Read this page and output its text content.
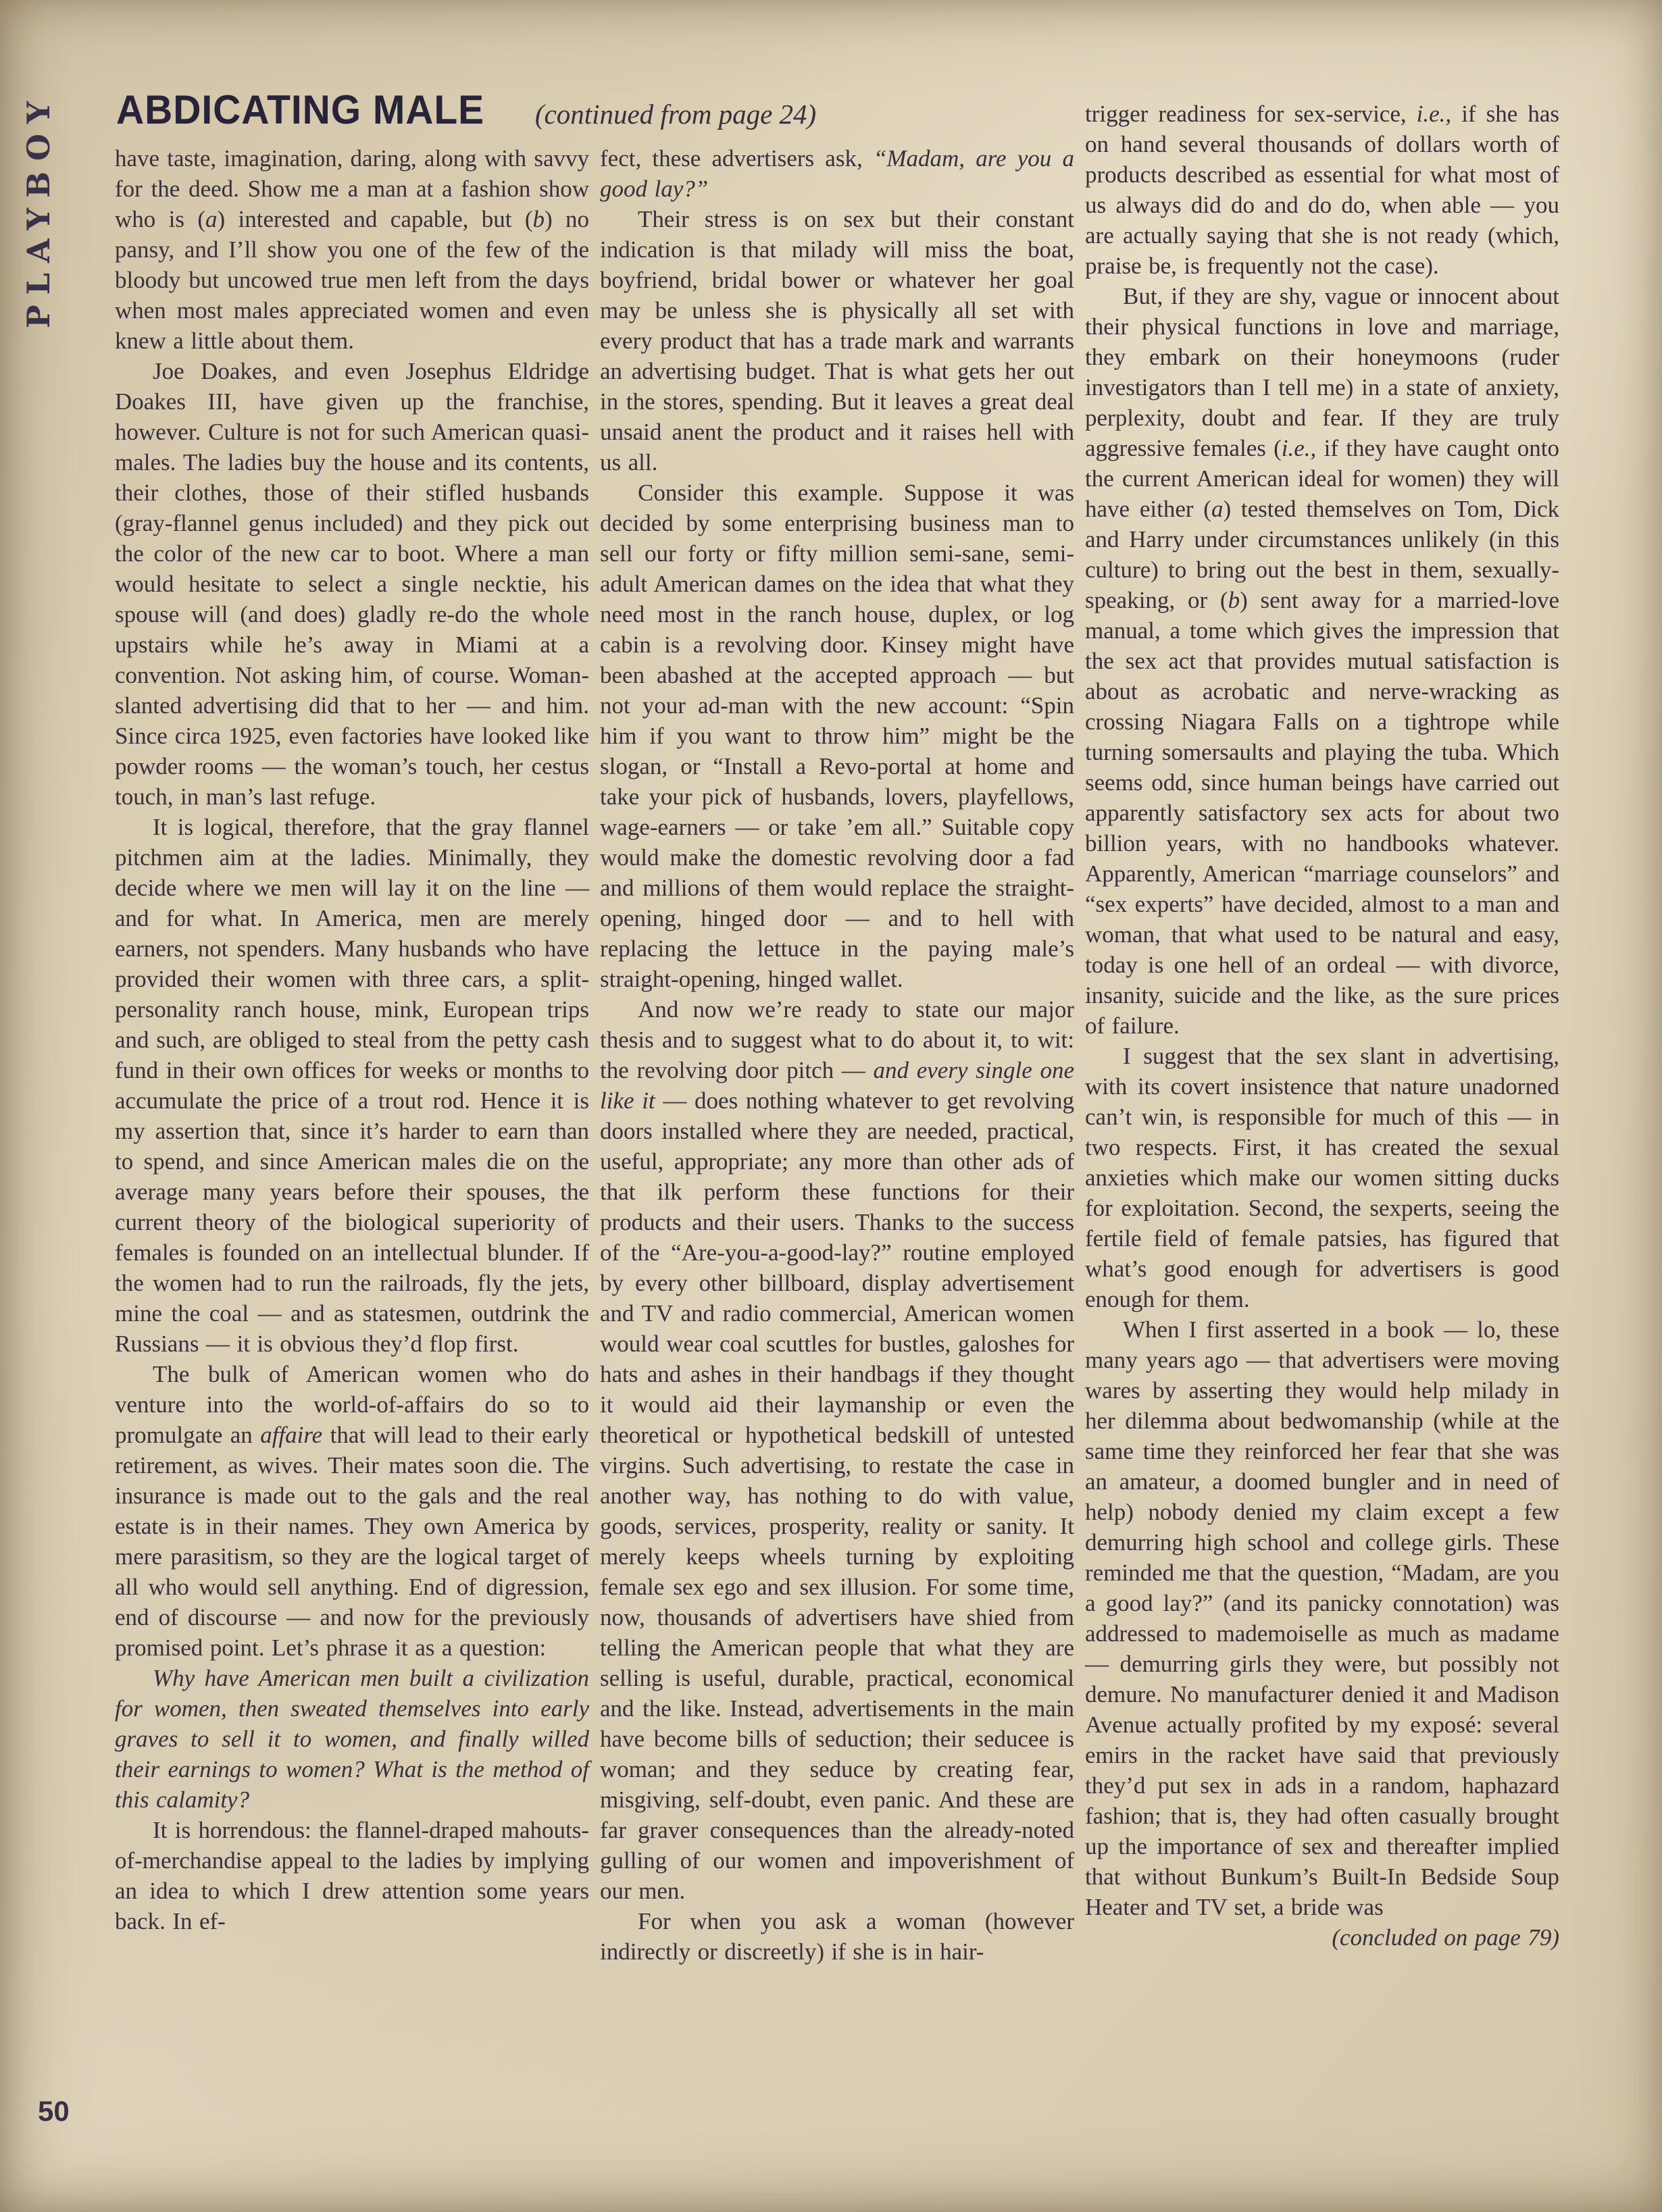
PLAYBOY	ABDICATING MALE (continued from page 24)

have taste, imagination, daring, along with savvy for the deed. Show me a man at a fashion show who is (a) interested and capable, but (b) no pansy, and I’ll show you one of the few of the bloody but uncowed true men left from the days when most males appreciated women and even knew a little about them.

Joe Doakes, and even Josephus Eldridge Doakes III, have given up the franchise, however. Culture is not for such American quasi-males. The ladies buy the house and its contents, their clothes, those of their stifled husbands (gray-flannel genus included) and they pick out the color of the new car to boot. Where a man would hesitate to select a single necktie, his spouse will (and does) gladly re-do the whole upstairs while he’s away in Miami at a convention. Not asking him, of course. Woman-slanted advertising did that to her — and him. Since circa 1925, even factories have looked like powder rooms — the woman’s touch, her cestus touch, in man’s last refuge.

It is logical, therefore, that the gray flannel pitchmen aim at the ladies. Minimally, they decide where we men will lay it on the line — and for what. In America, men are merely earners, not spenders. Many husbands who have provided their women with three cars, a split-personality ranch house, mink, European trips and such, are obliged to steal from the petty cash fund in their own offices for weeks or months to accumulate the price of a trout rod. Hence it is my assertion that, since it’s harder to earn than to spend, and since American males die on the average many years before their spouses, the current theory of the biological superiority of females is founded on an intellectual blunder. If the women had to run the railroads, fly the jets, mine the coal — and as statesmen, outdrink the Russians — it is obvious they’d flop first.

The bulk of American women who do venture into the world-of-affairs do so to promulgate an affaire that will lead to their early retirement, as wives. Their mates soon die. The insurance is made out to the gals and the real estate is in their names. They own America by mere parasitism, so they are the logical target of all who would sell anything. End of digression, end of discourse — and now for the previously promised point. Let’s phrase it as a question:

Why have American men built a civilization for women, then sweated themselves into early graves to sell it to women, and finally willed their earnings to women? What is the method of this calamity?

It is horrendous: the flannel-draped mahouts-of-merchandise appeal to the ladies by implying an idea to which I drew attention some years back. In ef-

fect, these advertisers ask, “Madam, are you a good lay?”

Their stress is on sex but their constant indication is that milady will miss the boat, boyfriend, bridal bower or whatever her goal may be unless she is physically all set with every product that has a trade mark and warrants an advertising budget. That is what gets her out in the stores, spending. But it leaves a great deal unsaid anent the product and it raises hell with us all.

Consider this example. Suppose it was decided by some enterprising business man to sell our forty or fifty million semi-sane, semi-adult American dames on the idea that what they need most in the ranch house, duplex, or log cabin is a revolving door. Kinsey might have been abashed at the accepted approach — but not your ad-man with the new account: “Spin him if you want to throw him” might be the slogan, or “Install a Revo-portal at home and take your pick of husbands, lovers, playfellows, wage-earners — or take ’em all.” Suitable copy would make the domestic revolving door a fad and millions of them would replace the straight-opening, hinged door — and to hell with replacing the lettuce in the paying male’s straight-opening, hinged wallet.

And now we’re ready to state our major thesis and to suggest what to do about it, to wit: the revolving door pitch — and every single one like it — does nothing whatever to get revolving doors installed where they are needed, practical, useful, appropriate; any more than other ads of that ilk perform these functions for their products and their users. Thanks to the success of the “Are-you-a-good-lay?” routine employed by every other billboard, display advertisement and TV and radio commercial, American women would wear coal scuttles for bustles, galoshes for hats and ashes in their handbags if they thought it would aid their laymanship or even the theoretical or hypothetical bedskill of untested virgins. Such advertising, to restate the case in another way, has nothing to do with value, goods, services, prosperity, reality or sanity. It merely keeps wheels turning by exploiting female sex ego and sex illusion. For some time, now, thousands of advertisers have shied from telling the American people that what they are selling is useful, durable, practical, economical and the like. Instead, advertisements in the main have become bills of seduction; their seducee is woman; and they seduce by creating fear, misgiving, self-doubt, even panic. And these are far graver consequences than the already-noted gulling of our women and impoverishment of our men.

For when you ask a woman (however indirectly or discreetly) if she is in hair-

trigger readiness for sex-service, i.e., if she has on hand several thousands of dollars worth of products described as essential for what most of us always did do and do do, when able — you are actually saying that she is not ready (which, praise be, is frequently not the case).

But, if they are shy, vague or innocent about their physical functions in love and marriage, they embark on their honeymoons (ruder investigators than I tell me) in a state of anxiety, perplexity, doubt and fear. If they are truly aggressive females (i.e., if they have caught onto the current American ideal for women) they will have either (a) tested themselves on Tom, Dick and Harry under circumstances unlikely (in this culture) to bring out the best in them, sexually-speaking, or (b) sent away for a married-love manual, a tome which gives the impression that the sex act that provides mutual satisfaction is about as acrobatic and nerve-wracking as crossing Niagara Falls on a tightrope while turning somersaults and playing the tuba. Which seems odd, since human beings have carried out apparently satisfactory sex acts for about two billion years, with no handbooks whatever. Apparently, American “marriage counselors” and “sex experts” have decided, almost to a man and woman, that what used to be natural and easy, today is one hell of an ordeal — with divorce, insanity, suicide and the like, as the sure prices of failure.

I suggest that the sex slant in advertising, with its covert insistence that nature unadorned can’t win, is responsible for much of this — in two respects. First, it has created the sexual anxieties which make our women sitting ducks for exploitation. Second, the sexperts, seeing the fertile field of female patsies, has figured that what’s good enough for advertisers is good enough for them.

When I first asserted in a book — lo, these many years ago — that advertisers were moving wares by asserting they would help milady in her dilemma about bedwomanship (while at the same time they reinforced her fear that she was an amateur, a doomed bungler and in need of help) nobody denied my claim except a few demurring high school and college girls. These reminded me that the question, “Madam, are you a good lay?” (and its panicky connotation) was addressed to mademoiselle as much as madame — demurring girls they were, but possibly not demure. No manufacturer denied it and Madison Avenue actually profited by my exposé: several emirs in the racket have said that previously they’d put sex in ads in a random, haphazard fashion; that is, they had often casually brought up the importance of sex and thereafter implied that without Bunkum’s Built-In Bedside Soup Heater and TV set, a bride was

(concluded on page 79)

50
